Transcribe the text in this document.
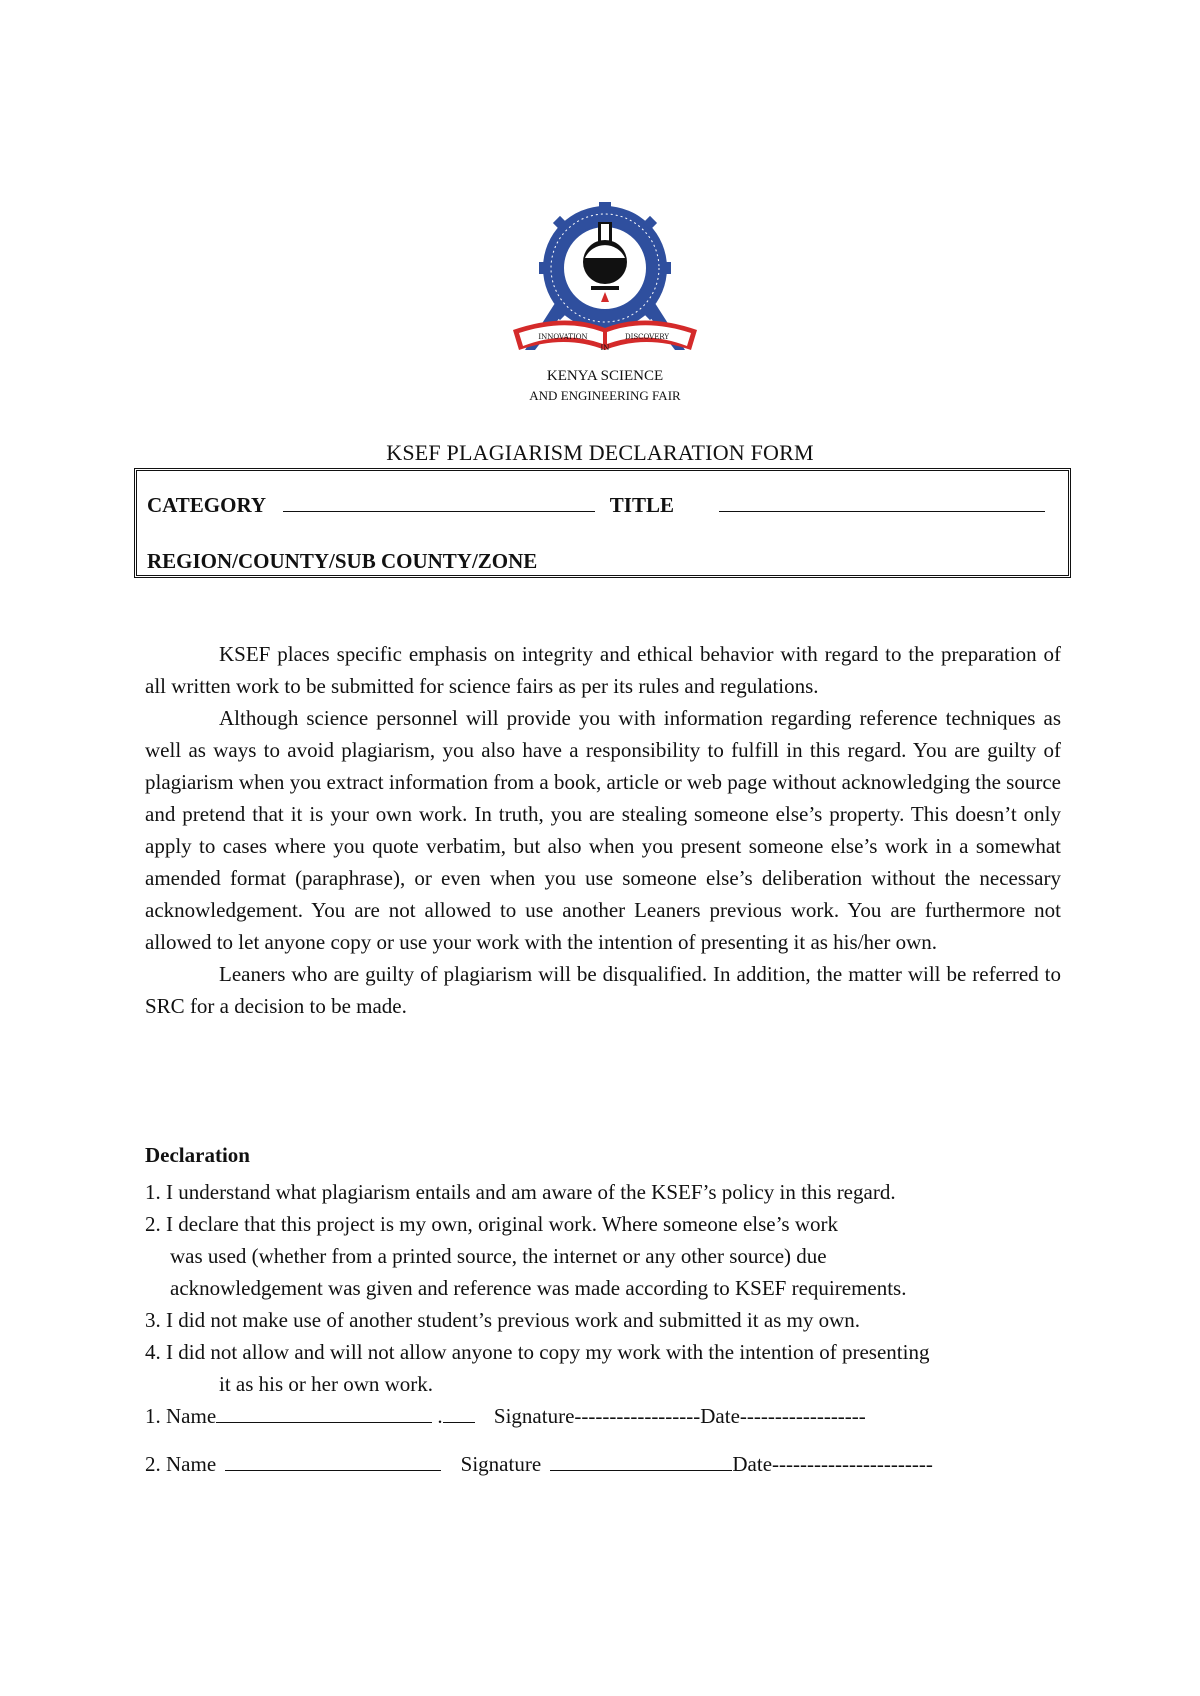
INNOVATION	DISCOVERY
IN
KENYA SCIENCE
AND ENGINEERING FAIR
KSEF PLAGIARISM DECLARATION FORM
CATEGORY	TITLE
REGION/COUNTY/SUB COUNTY/ZONE

KSEF places specific emphasis on integrity and ethical behavior with regard to the preparation of all written work to be submitted for science fairs as per its rules and regulations.

Although science personnel will provide you with information regarding reference techniques as well as ways to avoid plagiarism, you also have a responsibility to fulfill in this regard. You are guilty of plagiarism when you extract information from a book, article or web page without acknowledging the source and pretend that it is your own work. In truth, you are stealing someone else’s property. This doesn’t only apply to cases where you quote verbatim, but also when you present someone else’s work in a somewhat amended format (paraphrase), or even when you use someone else’s deliberation without the necessary acknowledgement. You are not allowed to use another Leaners previous work. You are furthermore not allowed to let anyone copy or use your work with the intention of presenting it as his/her own.

Leaners who are guilty of plagiarism will be disqualified. In addition, the matter will be referred to SRC for a decision to be made.

Declaration
1. I understand what plagiarism entails and am aware of the KSEF’s policy in this regard.
2. I declare that this project is my own, original work. Where someone else’s work
was used (whether from a printed source, the internet or any other source) due
acknowledgement was given and reference was made according to KSEF requirements.
3. I did not make use of another student’s previous work and submitted it as my own.
4. I did not allow and will not allow anyone to copy my work with the intention of presenting
it as his or her own work.
1. Name	. Signature------------------Date------------------
2. Name	Signature	Date-----------------------
